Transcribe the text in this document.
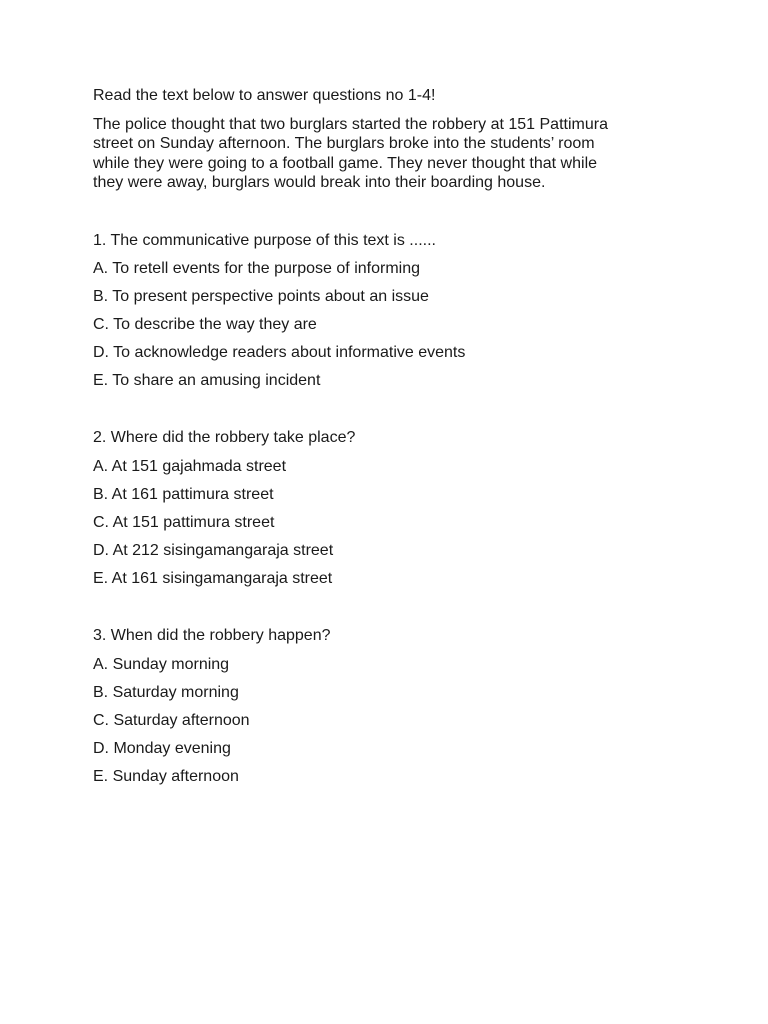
Read the text below to answer questions no 1-4!
The police thought that two burglars started the robbery at 151 Pattimura
street on Sunday afternoon. The burglars broke into the students’ room
while they were going to a football game. They never thought that while
they were away, burglars would break into their boarding house.
1. The communicative purpose of this text is ......
A. To retell events for the purpose of informing
B. To present perspective points about an issue
C. To describe the way they are
D. To acknowledge readers about informative events
E. To share an amusing incident
2. Where did the robbery take place?
A. At 151 gajahmada street
B. At 161 pattimura street
C. At 151 pattimura street
D. At 212 sisingamangaraja street
E. At 161 sisingamangaraja street
3. When did the robbery happen?
A. Sunday morning
B. Saturday morning
C. Saturday afternoon
D. Monday evening
E. Sunday afternoon
